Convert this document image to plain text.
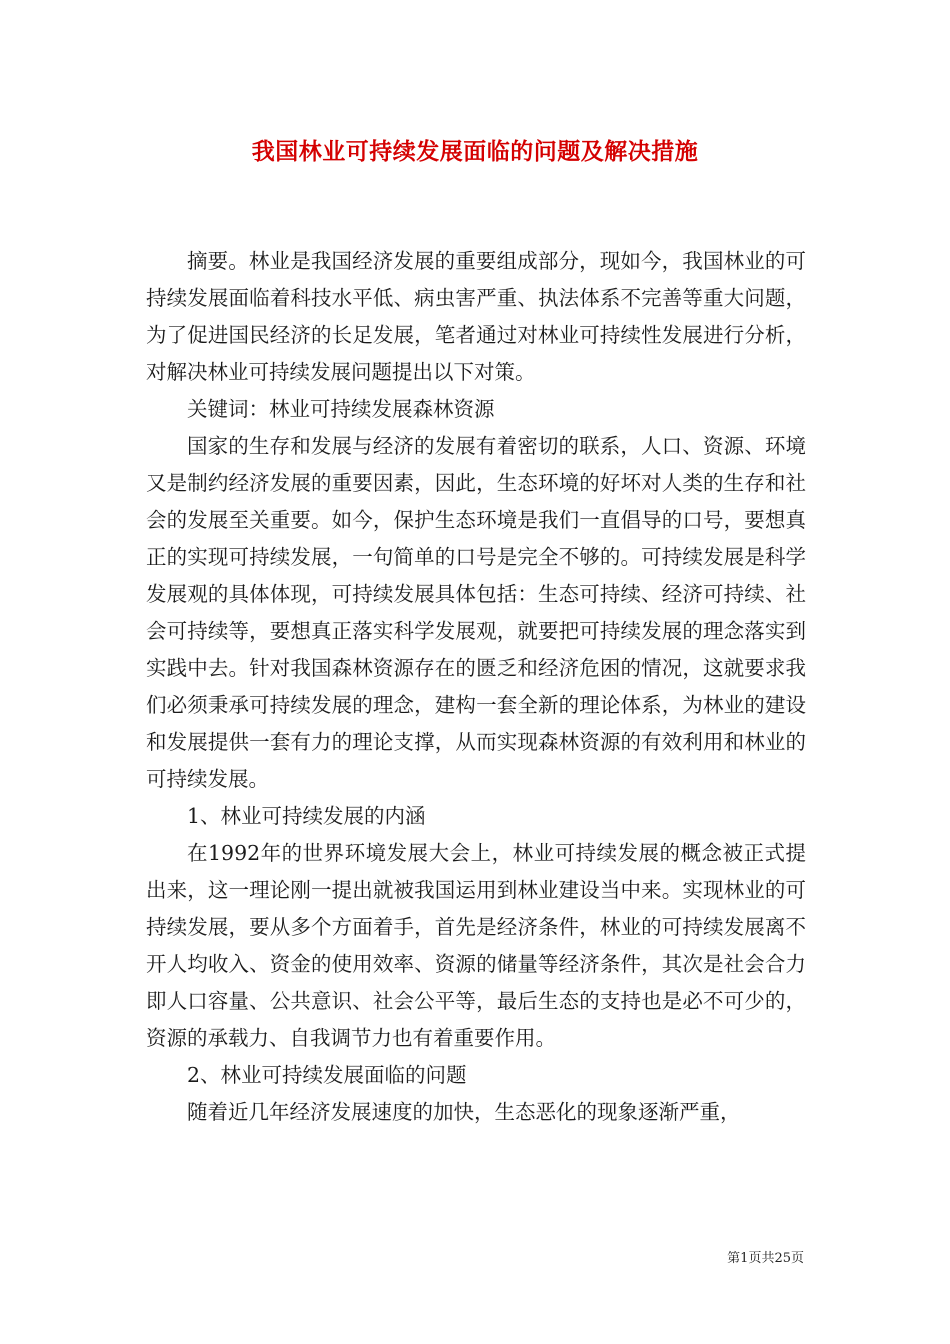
我国林业可持续发展面临的问题及解决措施

摘要。林业是我国经济发展的重要组成部分，现如今，我国林业的可持续发展面临着科技水平低、病虫害严重、执法体系不完善等重大问题，为了促进国民经济的长足发展，笔者通过对林业可持续性发展进行分析，对解决林业可持续发展问题提出以下对策。

关键词：林业可持续发展森林资源

国家的生存和发展与经济的发展有着密切的联系，人口、资源、环境又是制约经济发展的重要因素，因此，生态环境的好坏对人类的生存和社会的发展至关重要。如今，保护生态环境是我们一直倡导的口号，要想真正的实现可持续发展，一句简单的口号是完全不够的。可持续发展是科学发展观的具体体现，可持续发展具体包括：生态可持续、经济可持续、社会可持续等，要想真正落实科学发展观，就要把可持续发展的理念落实到实践中去。针对我国森林资源存在的匮乏和经济危困的情况，这就要求我们必须秉承可持续发展的理念，建构一套全新的理论体系，为林业的建设和发展提供一套有力的理论支撑，从而实现森林资源的有效利用和林业的可持续发展。

1、林业可持续发展的内涵

在1992年的世界环境发展大会上，林业可持续发展的概念被正式提出来，这一理论刚一提出就被我国运用到林业建设当中来。实现林业的可持续发展，要从多个方面着手，首先是经济条件，林业的可持续发展离不开人均收入、资金的使用效率、资源的储量等经济条件，其次是社会合力即人口容量、公共意识、社会公平等，最后生态的支持也是必不可少的，资源的承载力、自我调节力也有着重要作用。

2、林业可持续发展面临的问题

随着近几年经济发展速度的加快，生态恶化的现象逐渐严重，

第1页共25页
